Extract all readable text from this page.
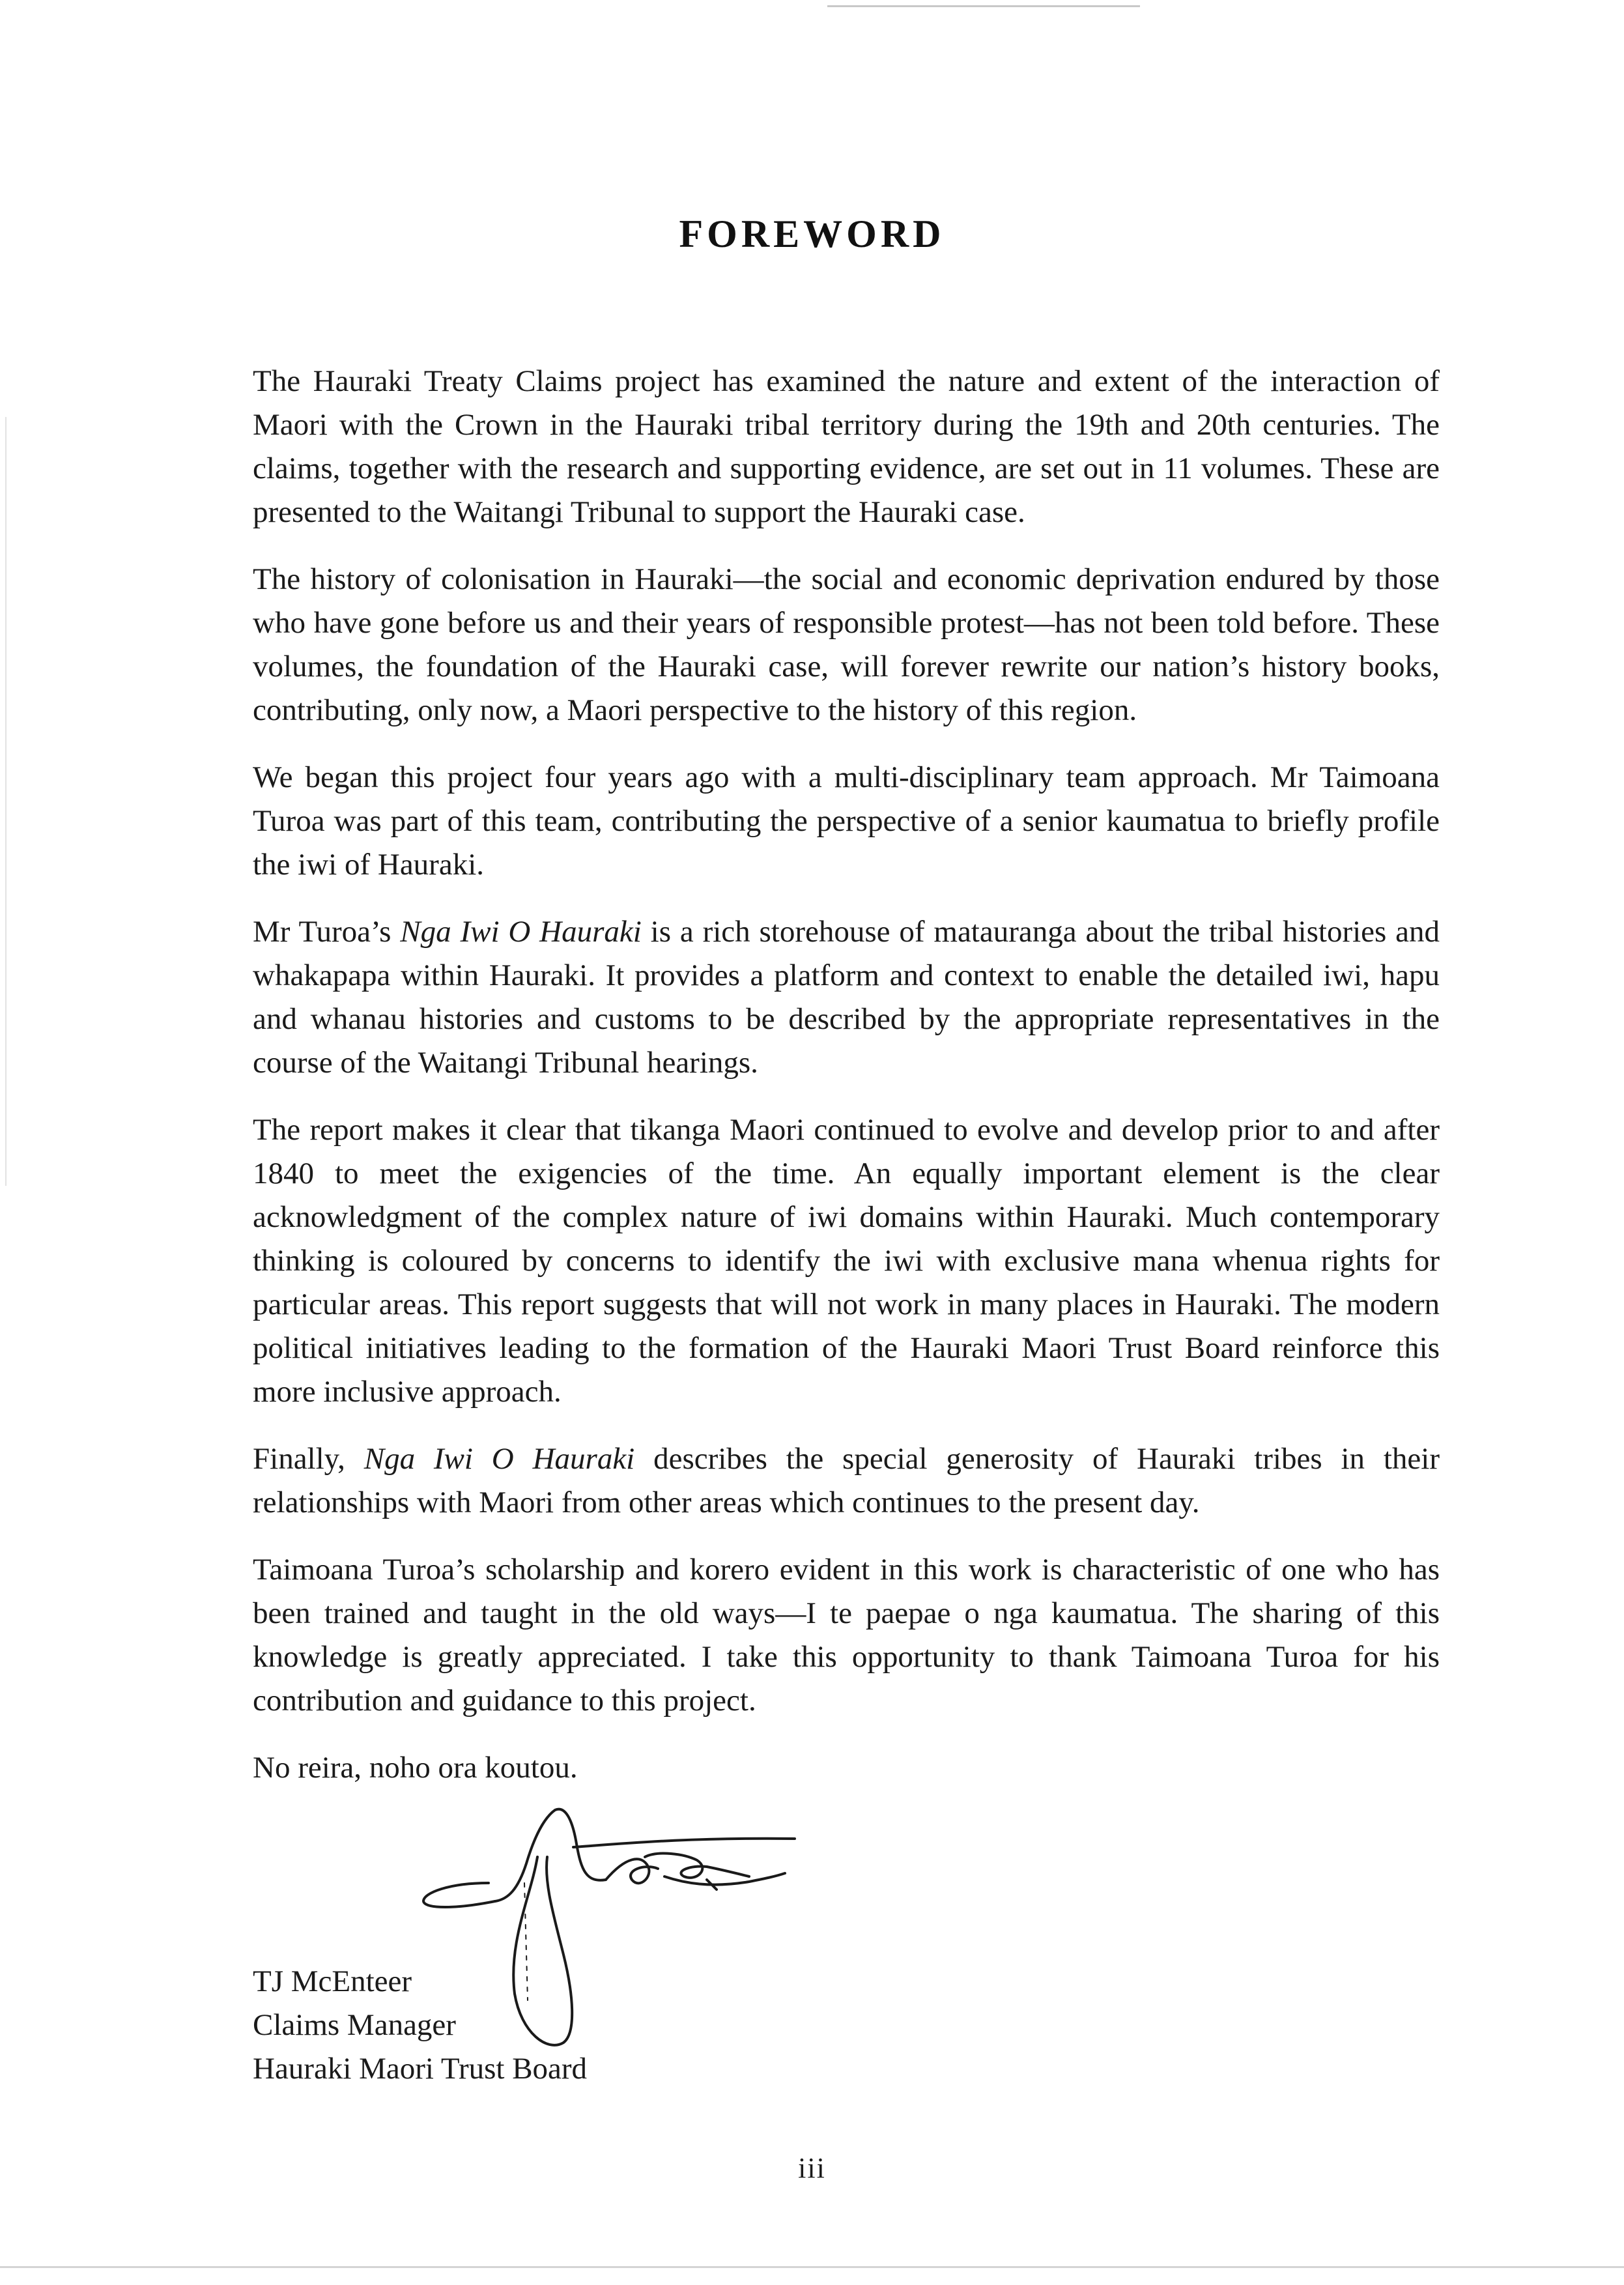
FOREWORD

The Hauraki Treaty Claims project has examined the nature and extent of the interaction of Maori with the Crown in the Hauraki tribal territory during the 19th and 20th centuries. The claims, together with the research and supporting evidence, are set out in 11 volumes. These are presented to the Waitangi Tribunal to support the Hauraki case.

The history of colonisation in Hauraki—the social and economic deprivation endured by those who have gone before us and their years of responsible protest—has not been told before. These volumes, the foundation of the Hauraki case, will forever rewrite our nation’s history books, contributing, only now, a Maori perspective to the history of this region.

We began this project four years ago with a multi-disciplinary team approach. Mr Taimoana Turoa was part of this team, contributing the perspective of a senior kaumatua to briefly profile the iwi of Hauraki.

Mr Turoa’s Nga Iwi O Hauraki is a rich storehouse of matauranga about the tribal histories and whakapapa within Hauraki. It provides a platform and context to enable the detailed iwi, hapu and whanau histories and customs to be described by the appropriate representatives in the course of the Waitangi Tribunal hearings.

The report makes it clear that tikanga Maori continued to evolve and develop prior to and after 1840 to meet the exigencies of the time. An equally important element is the clear acknowledgment of the complex nature of iwi domains within Hauraki. Much contemporary thinking is coloured by concerns to identify the iwi with exclusive mana whenua rights for particular areas. This report suggests that will not work in many places in Hauraki. The modern political initiatives leading to the formation of the Hauraki Maori Trust Board reinforce this more inclusive approach.

Finally, Nga Iwi O Hauraki describes the special generosity of Hauraki tribes in their relationships with Maori from other areas which continues to the present day.

Taimoana Turoa’s scholarship and korero evident in this work is characteristic of one who has been trained and taught in the old ways—I te paepae o nga kaumatua. The sharing of this knowledge is greatly appreciated. I take this opportunity to thank Taimoana Turoa for his contribution and guidance to this project.

No reira, noho ora koutou.

TJ McEnteer
Claims Manager
Hauraki Maori Trust Board
iii
